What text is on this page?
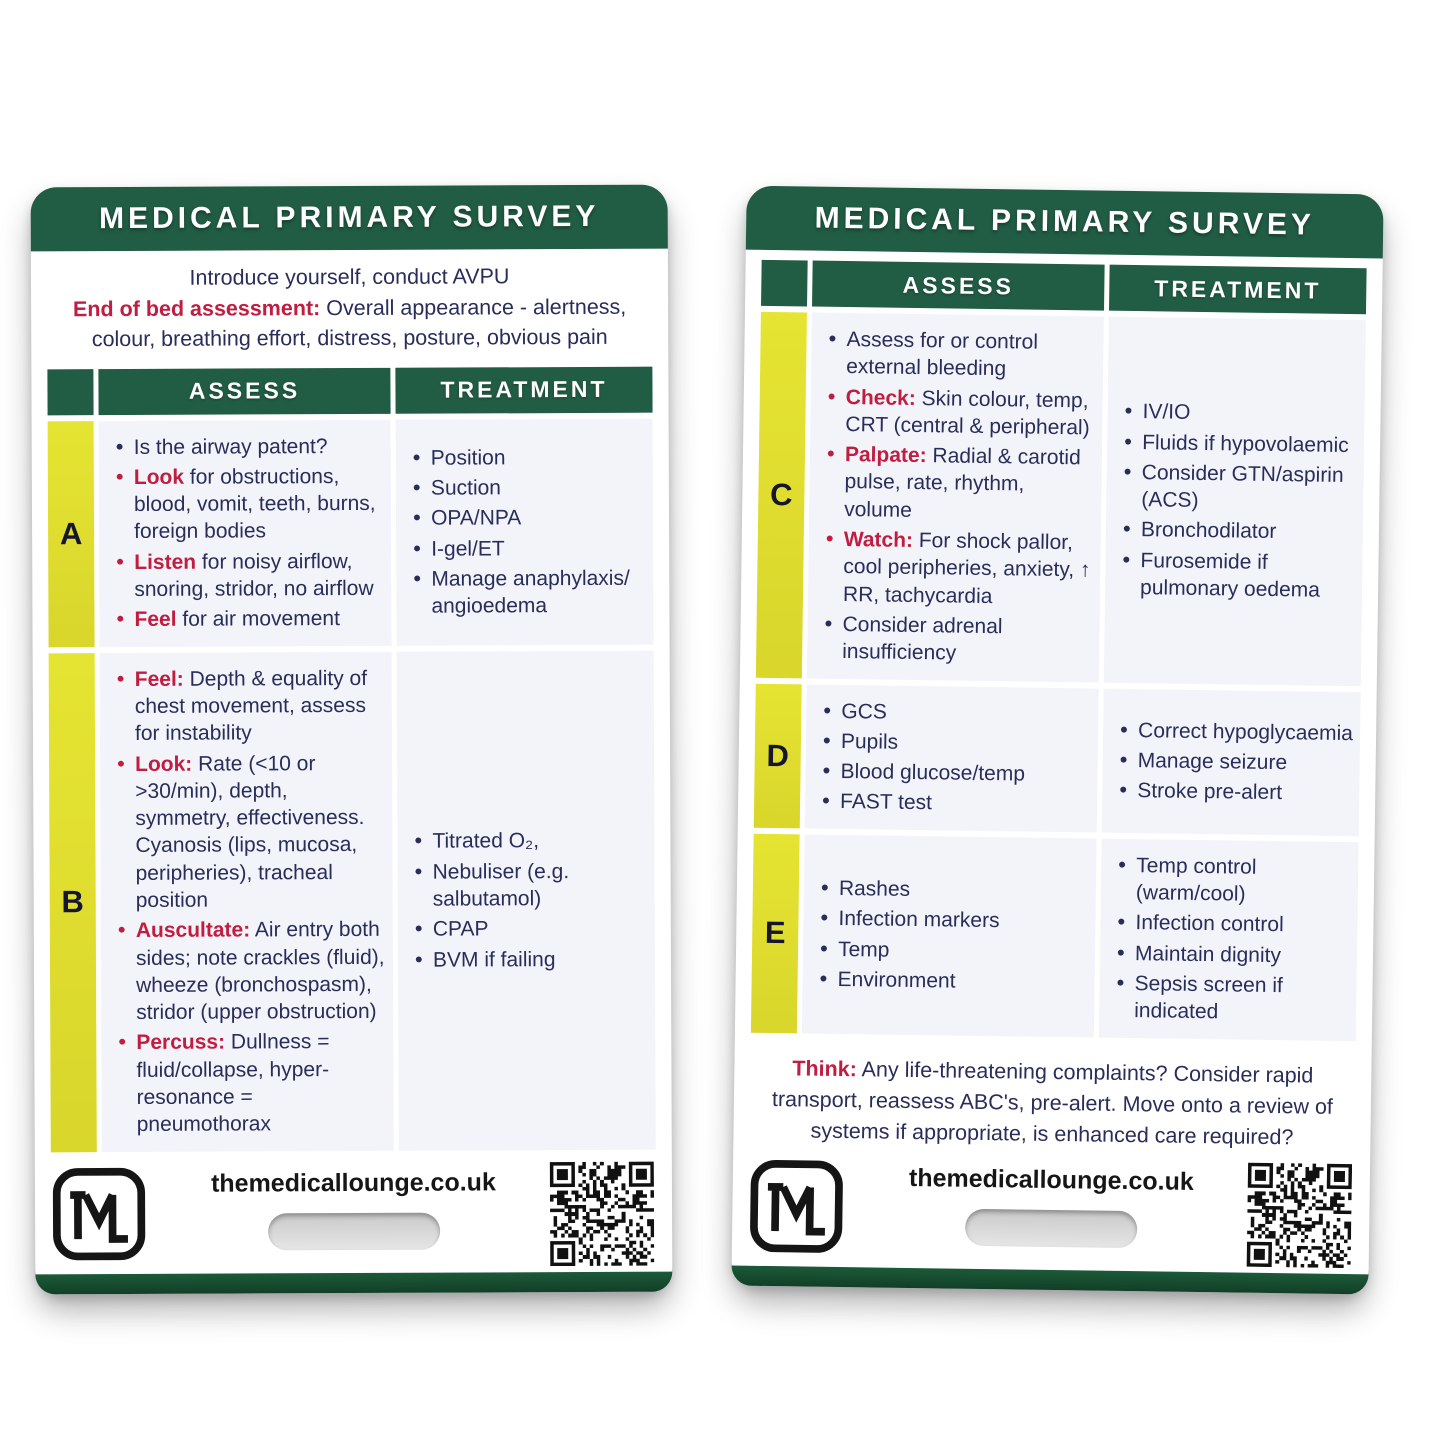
MEDICAL PRIMARY SURVEY

Introduce yourself, conduct AVPU

End of bed assessment: Overall appearance - alertness, colour, breathing effort, distress, posture, obvious pain

ASSESS	TREATMENT
A
• Is the airway patent?
• Look for obstructions, blood, vomit, teeth, burns, foreign bodies
• Listen for noisy airflow, snoring, stridor, no airflow
• Feel for air movement
• Position
• Suction
• OPA/NPA
• I-gel/ET
• Manage anaphylaxis/ angioedema
B
• Feel: Depth & equality of chest movement, assess for instability
• Look: Rate (<10 or >30/min), depth, symmetry, effectiveness. Cyanosis (lips, mucosa, peripheries), tracheal position
• Auscultate: Air entry both sides; note crackles (fluid), wheeze (bronchospasm), stridor (upper obstruction)
• Percuss: Dullness = fluid/collapse, hyper-resonance = pneumothorax
• Titrated O₂,
• Nebuliser (e.g. salbutamol)
• CPAP
• BVM if failing
themedicallounge.co.uk
MEDICAL PRIMARY SURVEY
ASSESS	TREATMENT
C
• Assess for or control external bleeding
• Check: Skin colour, temp, CRT (central & peripheral)
• Palpate: Radial & carotid pulse, rate, rhythm, volume
• Watch: For shock pallor, cool peripheries, anxiety, ↑ RR, tachycardia
• Consider adrenal insufficiency
• IV/IO
• Fluids if hypovolaemic
• Consider GTN/aspirin (ACS)
• Bronchodilator
• Furosemide if pulmonary oedema
D
• GCS
• Pupils
• Blood glucose/temp
• FAST test
• Correct hypoglycaemia
• Manage seizure
• Stroke pre-alert
E
• Rashes
• Infection markers
• Temp
• Environment
• Temp control (warm/cool)
• Infection control
• Maintain dignity
• Sepsis screen if indicated

Think: Any life-threatening complaints? Consider rapid transport, reassess ABC's, pre-alert. Move onto a review of systems if appropriate, is enhanced care required?

themedicallounge.co.uk
